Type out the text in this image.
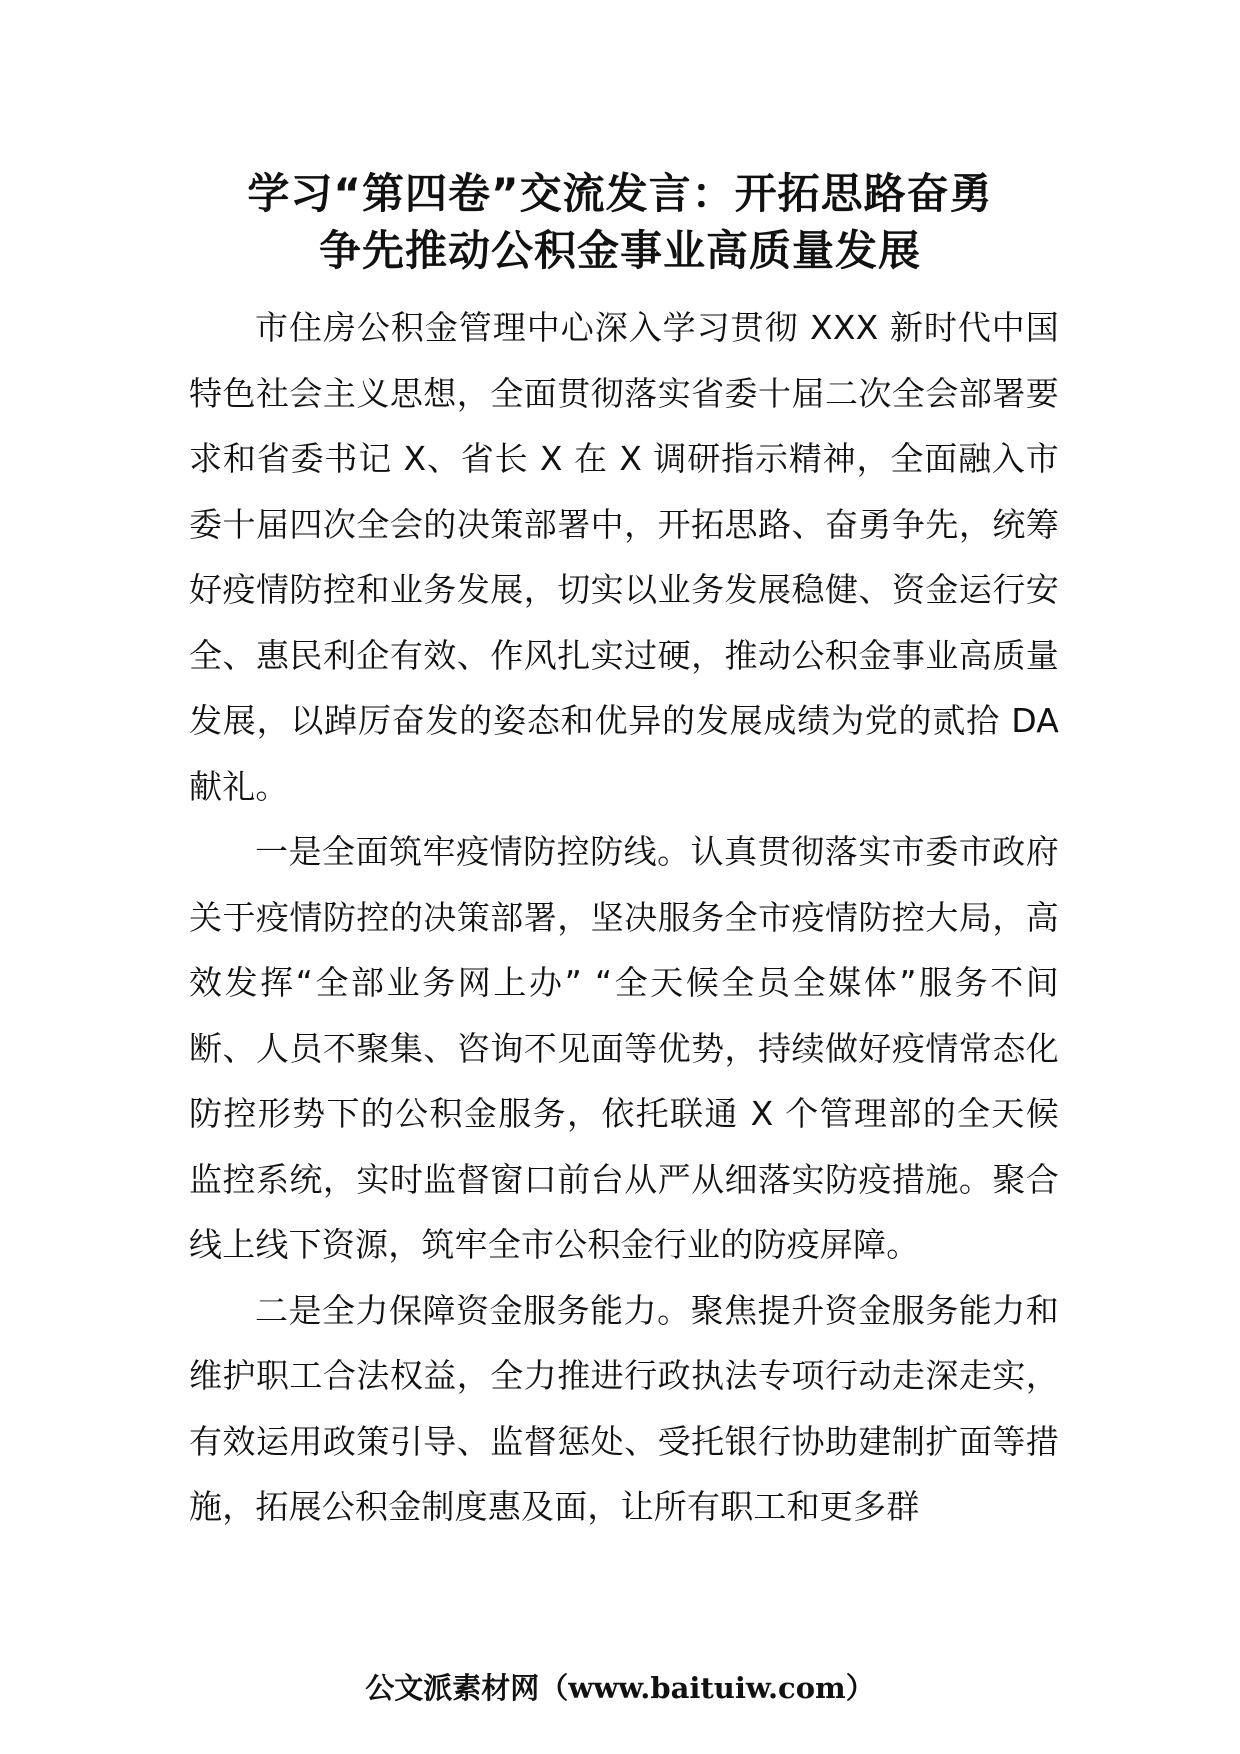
学习“第四卷”交流发言：开拓思路奋勇
争先推动公积金事业高质量发展

市住房公积金管理中心深入学习贯彻 XXX 新时代中国特色社会主义思想，全面贯彻落实省委十届二次全会部署要求和省委书记 X、省长 X 在 X 调研指示精神，全面融入市委十届四次全会的决策部署中，开拓思路、奋勇争先，统筹好疫情防控和业务发展，切实以业务发展稳健、资金运行安全、惠民利企有效、作风扎实过硬，推动公积金事业高质量发展，以踔厉奋发的姿态和优异的发展成绩为党的贰拾 DA 献礼。

一是全面筑牢疫情防控防线。认真贯彻落实市委市政府关于疫情防控的决策部署，坚决服务全市疫情防控大局，高效发挥“全部业务网上办” “全天候全员全媒体”服务不间断、人员不聚集、咨询不见面等优势，持续做好疫情常态化防控形势下的公积金服务，依托联通 X 个管理部的全天候监控系统，实时监督窗口前台从严从细落实防疫措施。聚合线上线下资源，筑牢全市公积金行业的防疫屏障。

二是全力保障资金服务能力。聚焦提升资金服务能力和维护职工合法权益，全力推进行政执法专项行动走深走实，有效运用政策引导、监督惩处、受托银行协助建制扩面等措施，拓展公积金制度惠及面，让所有职工和更多群

公文派素材网（www.baituiw.com）
